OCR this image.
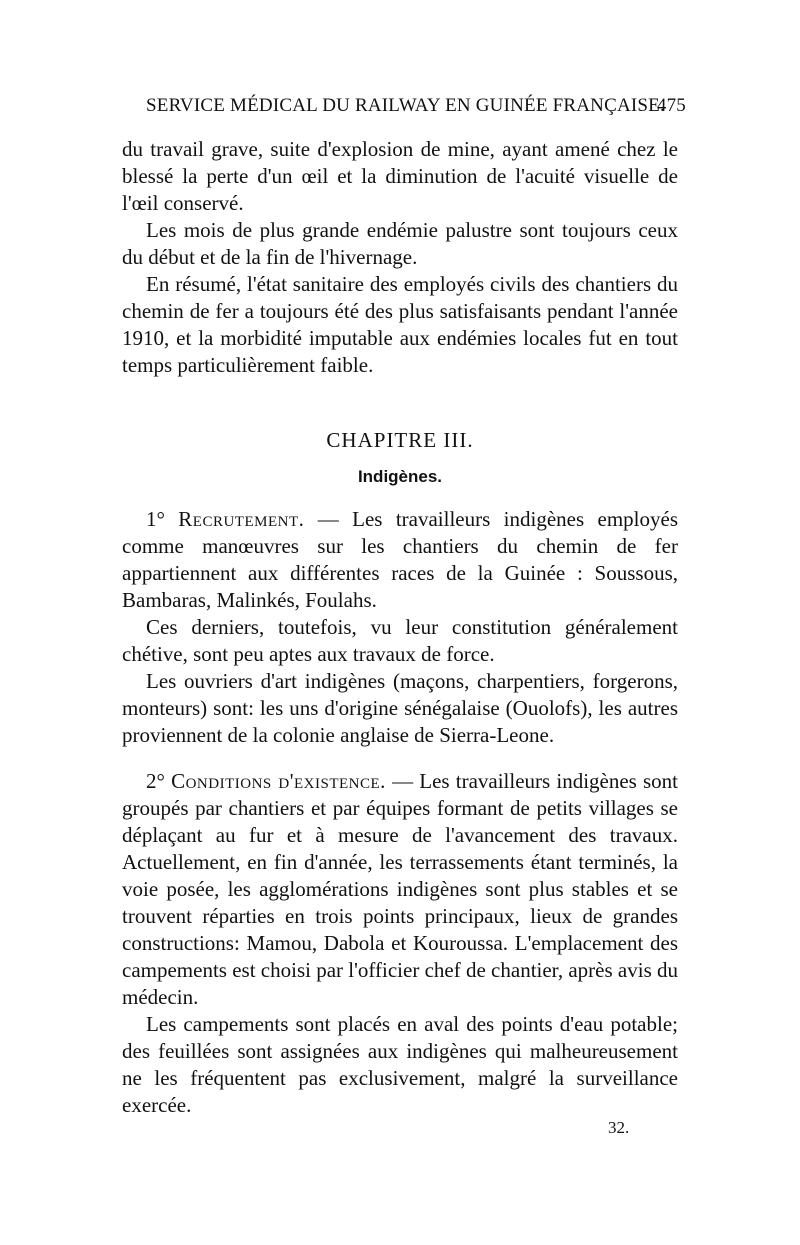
SERVICE MÉDICAL DU RAILWAY EN GUINÉE FRANÇAISE.
475

du travail grave, suite d'explosion de mine, ayant amené chez le blessé la perte d'un œil et la diminution de l'acuité visuelle de l'œil conservé.

Les mois de plus grande endémie palustre sont toujours ceux du début et de la fin de l'hivernage.

En résumé, l'état sanitaire des employés civils des chantiers du chemin de fer a toujours été des plus satisfaisants pendant l'année 1910, et la morbidité imputable aux endémies locales fut en tout temps particulièrement faible.

CHAPITRE III.
Indigènes.

1° Recrutement. — Les travailleurs indigènes employés comme manœuvres sur les chantiers du chemin de fer appartiennent aux différentes races de la Guinée : Soussous, Bambaras, Malinkés, Foulahs.

Ces derniers, toutefois, vu leur constitution généralement chétive, sont peu aptes aux travaux de force.

Les ouvriers d'art indigènes (maçons, charpentiers, forgerons, monteurs) sont: les uns d'origine sénégalaise (Ouolofs), les autres proviennent de la colonie anglaise de Sierra-Leone.

2° Conditions d'existence. — Les travailleurs indigènes sont groupés par chantiers et par équipes formant de petits villages se déplaçant au fur et à mesure de l'avancement des travaux. Actuellement, en fin d'année, les terrassements étant terminés, la voie posée, les agglomérations indigènes sont plus stables et se trouvent réparties en trois points principaux, lieux de grandes constructions: Mamou, Dabola et Kouroussa. L'emplacement des campements est choisi par l'officier chef de chantier, après avis du médecin.

Les campements sont placés en aval des points d'eau potable; des feuillées sont assignées aux indigènes qui malheureusement ne les fréquentent pas exclusivement, malgré la surveillance exercée.

32.
